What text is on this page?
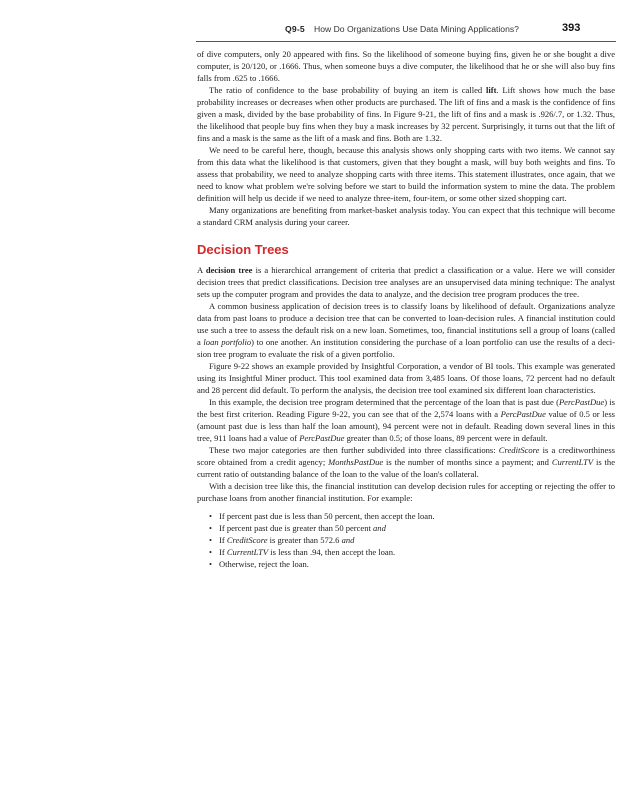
Q9-5 How Do Organizations Use Data Mining Applications?	393

of dive computers, only 20 appeared with fins. So the likelihood of someone buying fins, given he or she bought a dive computer, is 20/120, or .1666. Thus, when someone buys a dive computer, the likelihood that he or she will also buy fins falls from .625 to .1666.

The ratio of confidence to the base probability of buying an item is called lift. Lift shows how much the base probability increases or decreases when other products are purchased. The lift of fins and a mask is the confidence of fins given a mask, divided by the base probability of fins. In Figure 9-21, the lift of fins and a mask is .926/.7, or 1.32. Thus, the likelihood that people buy fins when they buy a mask increases by 32 percent. Surprisingly, it turns out that the lift of fins and a mask is the same as the lift of a mask and fins. Both are 1.32.

We need to be careful here, though, because this analysis shows only shopping carts with two items. We cannot say from this data what the likelihood is that customers, given that they bought a mask, will buy both weights and fins. To assess that probability, we need to analyze shopping carts with three items. This statement illustrates, once again, that we need to know what problem we're solving before we start to build the information system to mine the data. The problem definition will help us decide if we need to analyze three-item, four-item, or some other sized shopping cart.

Many organizations are benefiting from market-basket analysis today. You can expect that this technique will become a standard CRM analysis during your career.

Decision Trees

A decision tree is a hierarchical arrangement of criteria that predict a classification or a value. Here we will consider decision trees that predict classifications. Decision tree analyses are an unsupervised data mining technique: The analyst sets up the computer program and provides the data to analyze, and the decision tree program produces the tree.

A common business application of decision trees is to classify loans by likelihood of default. Organizations analyze data from past loans to produce a decision tree that can be converted to loan-decision rules. A financial institution could use such a tree to assess the default risk on a new loan. Sometimes, too, financial institutions sell a group of loans (called a loan portfolio) to one another. An institution considering the purchase of a loan portfolio can use the results of a deci-sion tree program to evaluate the risk of a given portfolio.

Figure 9-22 shows an example provided by Insightful Corporation, a vendor of BI tools. This example was generated using its Insightful Miner product. This tool examined data from 3,485 loans. Of those loans, 72 percent had no default and 28 percent did default. To perform the analysis, the decision tree tool examined six different loan characteristics.

In this example, the decision tree program determined that the percentage of the loan that is past due (PercPastDue) is the best first criterion. Reading Figure 9-22, you can see that of the 2,574 loans with a PercPastDue value of 0.5 or less (amount past due is less than half the loan amount), 94 percent were not in default. Reading down several lines in this tree, 911 loans had a value of PercPastDue greater than 0.5; of those loans, 89 percent were in default.

These two major categories are then further subdivided into three classifications: CreditScore is a creditworthiness score obtained from a credit agency; MonthsPastDue is the number of months since a payment; and CurrentLTV is the current ratio of outstanding balance of the loan to the value of the loan's collateral.

With a decision tree like this, the financial institution can develop decision rules for accepting or rejecting the offer to purchase loans from another financial institution. For example:

• If percent past due is less than 50 percent, then accept the loan.
• If percent past due is greater than 50 percent and
• If CreditScore is greater than 572.6 and
• If CurrentLTV is less than .94, then accept the loan.
• Otherwise, reject the loan.
